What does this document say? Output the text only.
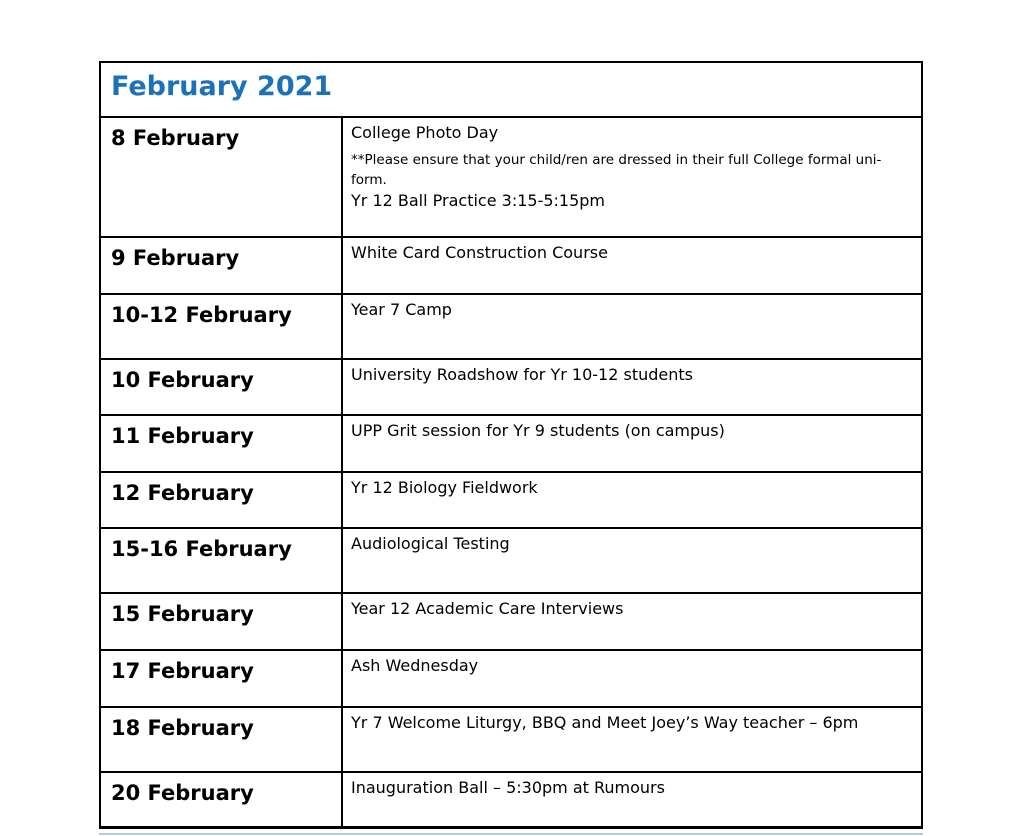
February 2021	

8 February	College Photo Day
**Please ensure that your child/ren are dressed in their full College formal uni-form.
Yr 12 Ball Practice 3:15-5:15pm

9 February	White Card Construction Course

10-12 February	Year 7 Camp

10 February	University Roadshow for Yr 10-12 students

11 February	UPP Grit session for Yr 9 students (on campus)

12 February	Yr 12 Biology Fieldwork

15-16 February	Audiological Testing

15 February	Year 12 Academic Care Interviews

17 February	Ash Wednesday

18 February	Yr 7 Welcome Liturgy, BBQ and Meet Joey’s Way teacher – 6pm

20 February	Inauguration Ball – 5:30pm at Rumours
